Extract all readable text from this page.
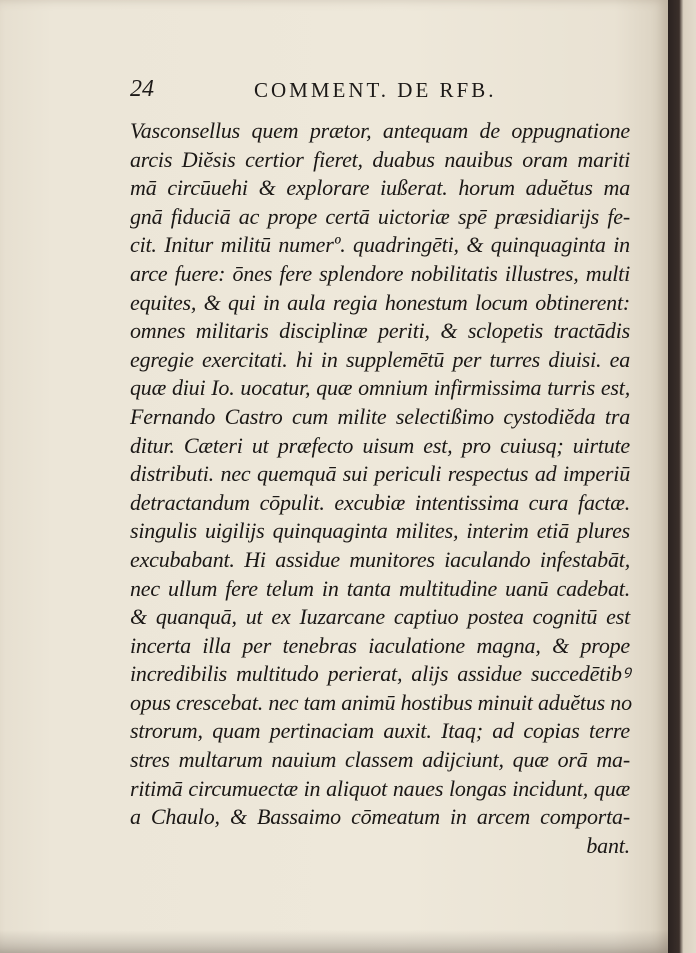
24	COMMENT. DE RFB.
Vasconsellus quem prætor, antequam de oppugnatione
arcis Diĕsis certior fieret, duabus nauibus oram mariti
mā circūuehi & explorare iußerat. horum aduĕtus ma
gnā fiduciā ac prope certā uictoriæ spē præsidiarijs fe-
cit. Initur militū numerº. quadringēti, & quinquaginta in
arce fuere: ōnes fere splendore nobilitatis illustres, multi
equites, & qui in aula regia honestum locum obtinerent:
omnes militaris disciplinæ periti, & sclopetis tractādis
egregie exercitati. hi in supplemētū per turres diuisi. ea
quæ diui Io. uocatur, quæ omnium infirmissima turris est,
Fernando Castro cum milite selectißimo cystodiĕda tra
ditur. Cæteri ut præfecto uisum est, pro cuiusq; uirtute
distributi. nec quemquā sui periculi respectus ad imperiū
detractandum cōpulit. excubiæ intentissima cura factæ.
singulis uigilijs quinquaginta milites, interim etiā plures
excubabant. Hi assidue munitores iaculando infestabāt,
nec ullum fere telum in tanta multitudine uanū cadebat.
& quanquā, ut ex Iuzarcane captiuo postea cognitū est
incerta illa per tenebras iaculatione magna, & prope
incredibilis multitudo perierat, alijs assidue succedētibꝰ
opus crescebat. nec tam animū hostibus minuit aduĕtus no
strorum, quam pertinaciam auxit. Itaq; ad copias terre
stres multarum nauium classem adijciunt, quæ orā ma-
ritimā circumuectæ in aliquot naues longas incidunt, quæ
a Chaulo, & Bassaimo cōmeatum in arcem comporta-
bant.
